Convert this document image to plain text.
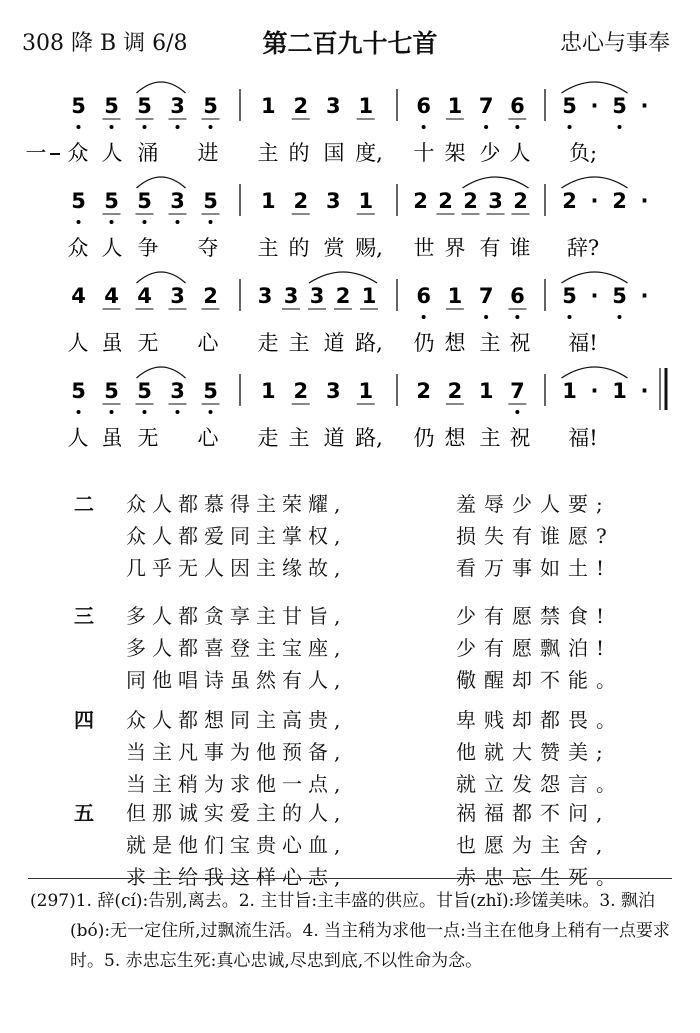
308 降 B 调 6/8	第二百九十七首	忠心与事奉
一
5 5 5 3 5 1 2 3 1 6 1 7 6 5 · 5 ·
众 人 涌 进 主 的 国 度, 十 架 少 人 负;
5 5 5 3 5 1 2 3 1 2 2 2 3 2 2 · 2 ·
众 人 争 夺 主 的 赏 赐, 世 界 有 谁 辞?
4 4 4 3 2 3 3 3 2 1 6 1 7 6 5 · 5 ·
人 虽 无 心 走 主 道 路, 仍 想 主 祝 福!
5 5 5 3 5 1 2 3 1 2 2 1 7 1 · 1 ·
人 虽 无 心 走 主 道 路, 仍 想 主 祝 福!
二 众人都慕得主荣耀,	羞辱少人要;
众人都爱同主掌权,	损失有谁愿?
几乎无人因主缘故,	看万事如土!
三 多人都贪享主甘旨,	少有愿禁食!
多人都喜登主宝座,	少有愿飘泊!
同他唱诗虽然有人,	儆醒却不能。
四 众人都想同主高贵,	卑贱却都畏。
当主凡事为他预备,	他就大赞美;
当主稍为求他一点,	就立发怨言。
五 但那诚实爱主的人,	祸福都不问,
就是他们宝贵心血,	也愿为主舍,
求主给我这样心志,	赤忠忘生死。
(297)1. 辞(cí):告别,离去。2. 主甘旨:主丰盛的供应。甘旨(zhǐ):珍馐美味。3. 飘泊(bó):无一定住所,过飘流生活。4. 当主稍为求他一点:当主在他身上稍有一点要求时。5. 赤忠忘生死:真心忠诚,尽忠到底,不以性命为念。
